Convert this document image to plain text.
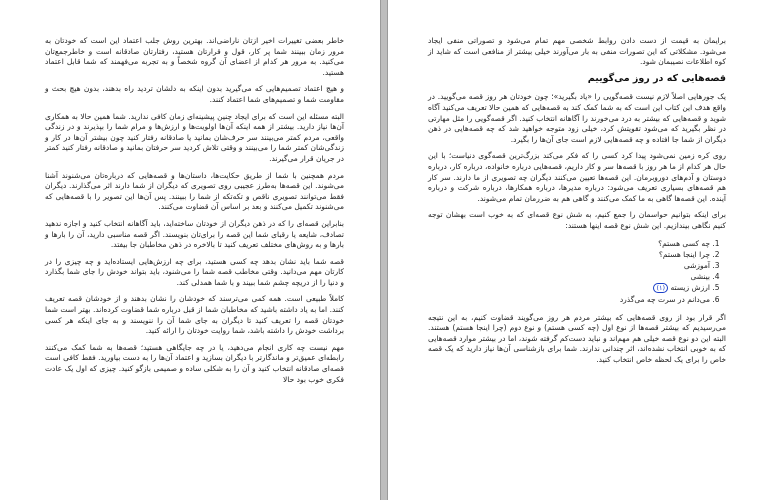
خاطر بعضی تغییرات اخیر ازتان ناراضی‌اند. بهترین روش جلب اعتماد این است که خودتان به مرور زمان ببینند شما پر کار، قول و قرارتان هستید، رفتارتان صادقانه است و خاطرجمع‌تان می‌کنید. به مرور هر کدام از اعضای آن گروه شخصاً و به تجربه می‌فهمند که شما قابل اعتماد هستید.

و هیچ اعتماد تصمیم‌هایی که می‌گیرید بدون اینکه به دلشان تردید راه بدهند، بدون هیچ بحث و مقاومت شما و تصمیم‌های شما اعتماد کنند.

البته مسئله این است که برای ایجاد چنین پیشینه‌ای زمان کافی ندارید. شما همین حالا به همکاری آن‌ها نیاز دارید. بیشتر از همه اینکه آن‌ها اولویت‌ها و ارزش‌ها و مرام شما را بپذیرند و در زندگی واقعی، مردم کمتر می‌بینند سر حرف‌شان بمانید یا صادقانه رفتار کنید چون بیشتر آن‌ها در کار و زندگی‌شان کمتر شما را می‌بینند و وقتی تلاش کردید سر حرفتان بمانید و صادقانه رفتار کنید کمتر در جریان قرار می‌گیرند.

مردم همچنین با شما از طریق حکایت‌ها، داستان‌ها و قصه‌هایی که درباره‌تان می‌شنوند آشنا می‌شوند. این قصه‌ها به‌طرز عجیبی روی تصویری که دیگران از شما دارند اثر می‌گذارند. دیگران فقط می‌توانند تصویری ناقص و تکه‌تکه از شما را ببینند. پس آن‌ها این تصویر را با قصه‌هایی که می‌شنوند تکمیل می‌کنند و بعد بر اساس آن قضاوت می‌کنند.

بنابراین قصه‌ای را که در ذهن دیگران از خودتان ساخته‌اید، باید آگاهانه انتخاب کنید و اجازه ندهید تصادف، شایعه یا رقبای شما این قصه را برای‌تان بنویسند. اگر قصه مناسبی دارید، آن را بارها و بارها و به روش‌های مختلف تعریف کنید تا بالاخره در ذهن مخاطبان جا بیفتد.

قصه شما باید نشان بدهد چه کسی هستید، برای چه ارزش‌هایی ایستاده‌اید و چه چیزی را در کارتان مهم می‌دانید. وقتی مخاطب قصه شما را می‌شنود، باید بتواند خودش را جای شما بگذارد و دنیا را از دریچه چشم شما ببیند و با شما همدلی کند.

کاملاً طبیعی است. همه کمی می‌ترسند که خودشان را نشان بدهند و از خودشان قصه تعریف کنند. اما به یاد داشته باشید که مخاطبان شما از قبل درباره شما قضاوت کرده‌اند. بهتر است شما خودتان قصه را تعریف کنید تا دیگران به جای شما آن را ننویسند و به جای اینکه هر کسی برداشت خودش را داشته باشد، شما روایت خودتان را ارائه کنید.

مهم نیست چه کاری انجام می‌دهید، یا در چه جایگاهی هستید؛ قصه‌ها به شما کمک می‌کنند رابطه‌ای عمیق‌تر و ماندگارتر با دیگران بسازید و اعتماد آن‌ها را به دست بیاورید. فقط کافی است قصه‌ای صادقانه انتخاب کنید و آن را به شکلی ساده و صمیمی بازگو کنید. چیزی که اول یک عادت فکری خوب بود حالا

برایمان به قیمت از دست دادن روابط شخصی مهم تمام می‌شود و تصوراتی منفی ایجاد می‌شود. مشکلاتی که این تصورات منفی به بار می‌آورند خیلی بیشتر از منافعی است که شاید از کوه اطلاعات نصیبمان شود.

قصه‌هایی که در روز می‌گوییم

یک جورهایی اصلاً لازم نیست قصه‌گویی را «یاد بگیرید»؛ چون خودتان هر روز قصه می‌گویید. در واقع هدف این کتاب این است که به شما کمک کند به قصه‌هایی که همین حالا تعریف می‌کنید آگاه شوید و قصه‌هایی که بیشتر به درد می‌خورند را آگاهانه انتخاب کنید. اگر قصه‌گویی را مثل مهارتی در نظر بگیرید که می‌شود تقویتش کرد، خیلی زود متوجه خواهید شد که چه قصه‌هایی در ذهن دیگران از شما جا افتاده و چه قصه‌هایی لازم است جای آن‌ها را بگیرد.

روی کره زمین نمی‌شود پیدا کرد کسی را که فکر می‌کند بزرگ‌ترین قصه‌گوی دنیاست؛ با این حال هر کدام از ما هر روز با قصه‌ها سر و کار داریم، قصه‌هایی درباره خانواده، درباره کار، درباره دوستان و آدم‌های دوروبرمان. این قصه‌ها تعیین می‌کنند دیگران چه تصویری از ما دارند. سر کار هم قصه‌های بسیاری تعریف می‌شود: درباره مدیرها، درباره همکارها، درباره شرکت و درباره آینده. این قصه‌ها گاهی به ما کمک می‌کنند و گاهی هم به ضررمان تمام می‌شوند.

برای اینکه بتوانیم حواسمان را جمع کنیم، به شش نوع قصه‌ای که به خوب است بهشان توجه کنیم نگاهی بیندازیم. این شش نوع قصه اینها هستند:

1. چه کسی هستم؟
2. چرا اینجا هستم؟
3. آموزشی
4. بینشی
5. ارزش زیسته (۱)
6. می‌دانم در سرت چه می‌گذرد

اگر قرار بود از روی قصه‌هایی که بیشتر مردم هر روز می‌گویند قضاوت کنیم، به این نتیجه می‌رسیدیم که بیشتر قصه‌ها از نوع اول (چه کسی هستم) و نوع دوم (چرا اینجا هستم) هستند. البته این دو نوع قصه خیلی هم مهم‌اند و نباید دست‌کم گرفته شوند، اما در بیشتر موارد قصه‌هایی که به خوبی انتخاب نشده‌اند، اثر چندانی ندارند. شما برای بازشناسی آن‌ها نیاز دارید که یک قصه خاص را برای یک لحظه خاص انتخاب کنید.
